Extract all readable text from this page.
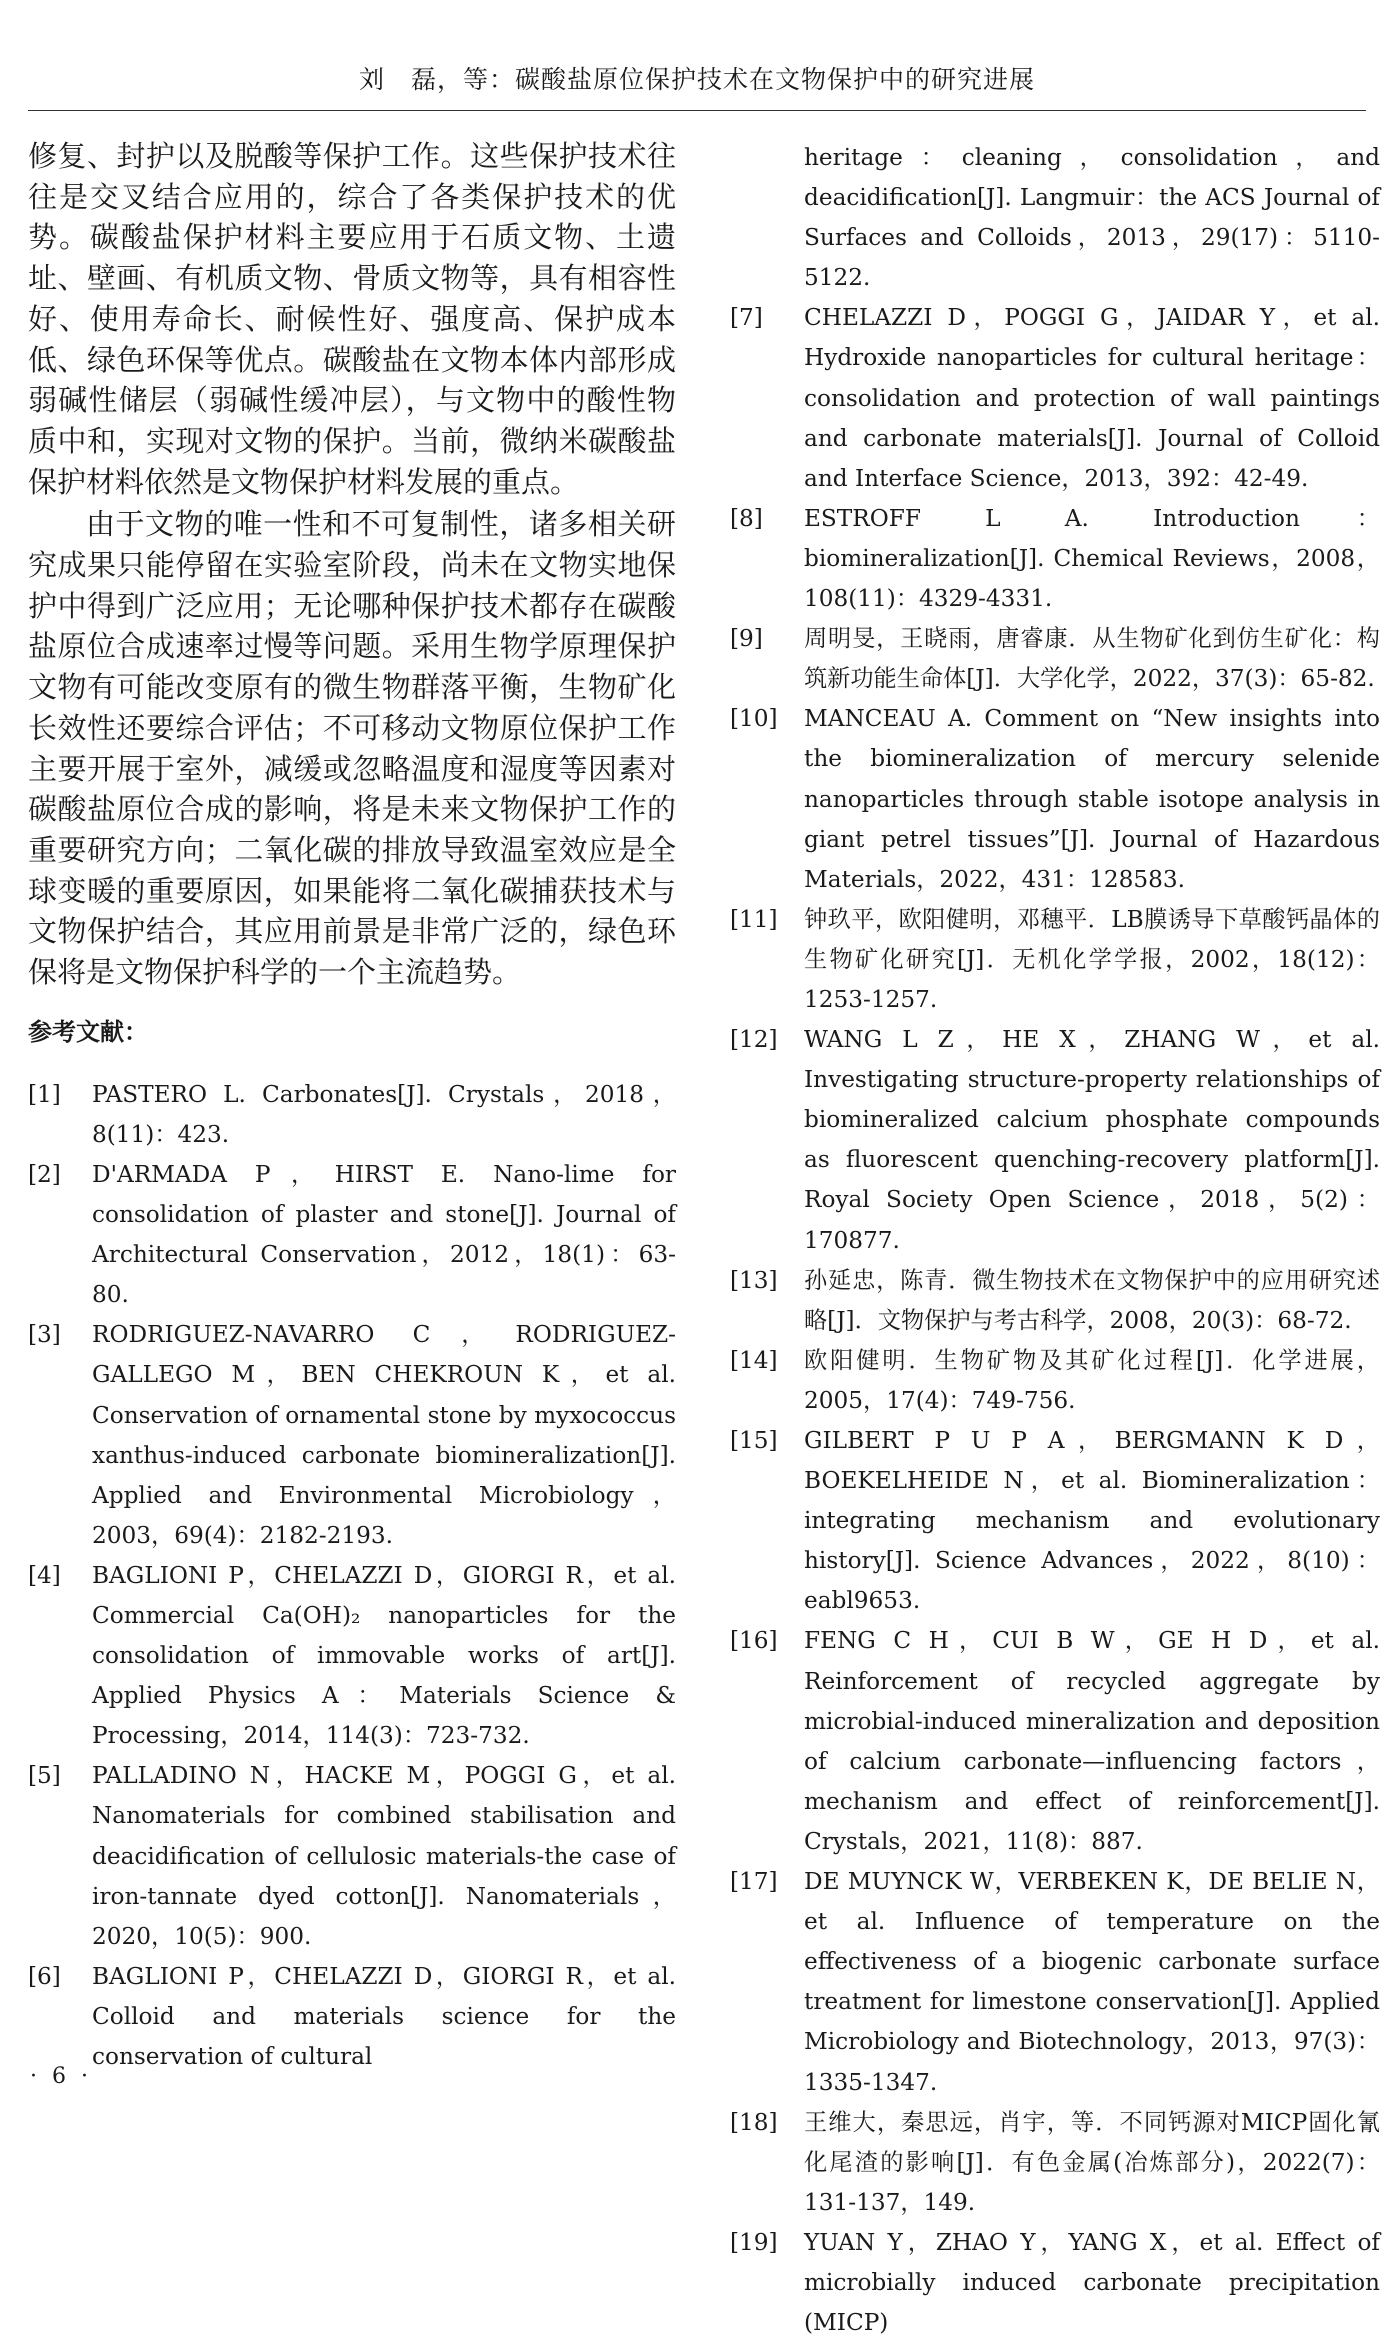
刘　磊，等：碳酸盐原位保护技术在文物保护中的研究进展

修复、封护以及脱酸等保护工作。这些保护技术往往是交叉结合应用的，综合了各类保护技术的优势。碳酸盐保护材料主要应用于石质文物、土遗址、壁画、有机质文物、骨质文物等，具有相容性好、使用寿命长、耐候性好、强度高、保护成本低、绿色环保等优点。碳酸盐在文物本体内部形成弱碱性储层（弱碱性缓冲层），与文物中的酸性物质中和，实现对文物的保护。当前，微纳米碳酸盐保护材料依然是文物保护材料发展的重点。

由于文物的唯一性和不可复制性，诸多相关研究成果只能停留在实验室阶段，尚未在文物实地保护中得到广泛应用；无论哪种保护技术都存在碳酸盐原位合成速率过慢等问题。采用生物学原理保护文物有可能改变原有的微生物群落平衡，生物矿化长效性还要综合评估；不可移动文物原位保护工作主要开展于室外，减缓或忽略温度和湿度等因素对碳酸盐原位合成的影响，将是未来文物保护工作的重要研究方向；二氧化碳的排放导致温室效应是全球变暖的重要原因，如果能将二氧化碳捕获技术与文物保护结合，其应用前景是非常广泛的，绿色环保将是文物保护科学的一个主流趋势。

参考文献：
[1] PASTERO L. Carbonates[J]. Crystals，2018，8(11)：423.
[2] D'ARMADA P，HIRST E. Nano-lime for consolidation of plaster and stone[J]. Journal of Architectural Conservation，2012，18(1)：63-80.
[3] RODRIGUEZ-NAVARRO C，RODRIGUEZ-GALLEGO M，BEN CHEKROUN K，et al. Conservation of ornamental stone by myxococcus xanthus-induced carbonate biomineralization[J]. Applied and Environmental Microbiology，2003，69(4)：2182-2193.
[4] BAGLIONI P，CHELAZZI D，GIORGI R，et al. Commercial Ca(OH)₂ nanoparticles for the consolidation of immovable works of art[J]. Applied Physics A：Materials Science & Processing，2014，114(3)：723-732.
[5] PALLADINO N，HACKE M，POGGI G，et al. Nanomaterials for combined stabilisation and deacidification of cellulosic materials-the case of iron-tannate dyed cotton[J]. Nanomaterials，2020，10(5)：900.
[6] BAGLIONI P，CHELAZZI D，GIORGI R，et al. Colloid and materials science for the conservation of cultural
heritage：cleaning，consolidation，and deacidification[J]. Langmuir：the ACS Journal of Surfaces and Colloids，2013，29(17)：5110-5122.
[7] CHELAZZI D，POGGI G，JAIDAR Y，et al. Hydroxide nanoparticles for cultural heritage：consolidation and protection of wall paintings and carbonate materials[J]. Journal of Colloid and Interface Science，2013，392：42-49.
[8] ESTROFF L A. Introduction：biomineralization[J]. Chemical Reviews，2008，108(11)：4329-4331.
[9] 周明旻，王晓雨，唐睿康．从生物矿化到仿生矿化：构筑新功能生命体[J]．大学化学，2022，37(3)：65-82.
[10] MANCEAU A. Comment on “New insights into the biomineralization of mercury selenide nanoparticles through stable isotope analysis in giant petrel tissues”[J]. Journal of Hazardous Materials，2022，431：128583.
[11] 钟玖平，欧阳健明，邓穗平．LB膜诱导下草酸钙晶体的生物矿化研究[J]．无机化学学报，2002，18(12)：1253-1257.
[12] WANG L Z，HE X，ZHANG W，et al. Investigating structure-property relationships of biomineralized calcium phosphate compounds as fluorescent quenching-recovery platform[J]. Royal Society Open Science，2018，5(2)：170877.
[13] 孙延忠，陈青．微生物技术在文物保护中的应用研究述略[J]．文物保护与考古科学，2008，20(3)：68-72.
[14] 欧阳健明．生物矿物及其矿化过程[J]．化学进展，2005，17(4)：749-756.
[15] GILBERT P U P A，BERGMANN K D，BOEKELHEIDE N，et al. Biomineralization：integrating mechanism and evolutionary history[J]. Science Advances，2022，8(10)：eabl9653.
[16] FENG C H，CUI B W，GE H D，et al. Reinforcement of recycled aggregate by microbial-induced mineralization and deposition of calcium carbonate—influencing factors，mechanism and effect of reinforcement[J]. Crystals，2021，11(8)：887.
[17] DE MUYNCK W，VERBEKEN K，DE BELIE N，et al. Influence of temperature on the effectiveness of a biogenic carbonate surface treatment for limestone conservation[J]. Applied Microbiology and Biotechnology，2013，97(3)：1335-1347.
[18] 王维大，秦思远，肖宇，等．不同钙源对MICP固化氰化尾渣的影响[J]．有色金属(冶炼部分)，2022(7)：131-137，149.
[19] YUAN Y，ZHAO Y，YANG X，et al. Effect of microbially induced carbonate precipitation (MICP)
· 6 ·
